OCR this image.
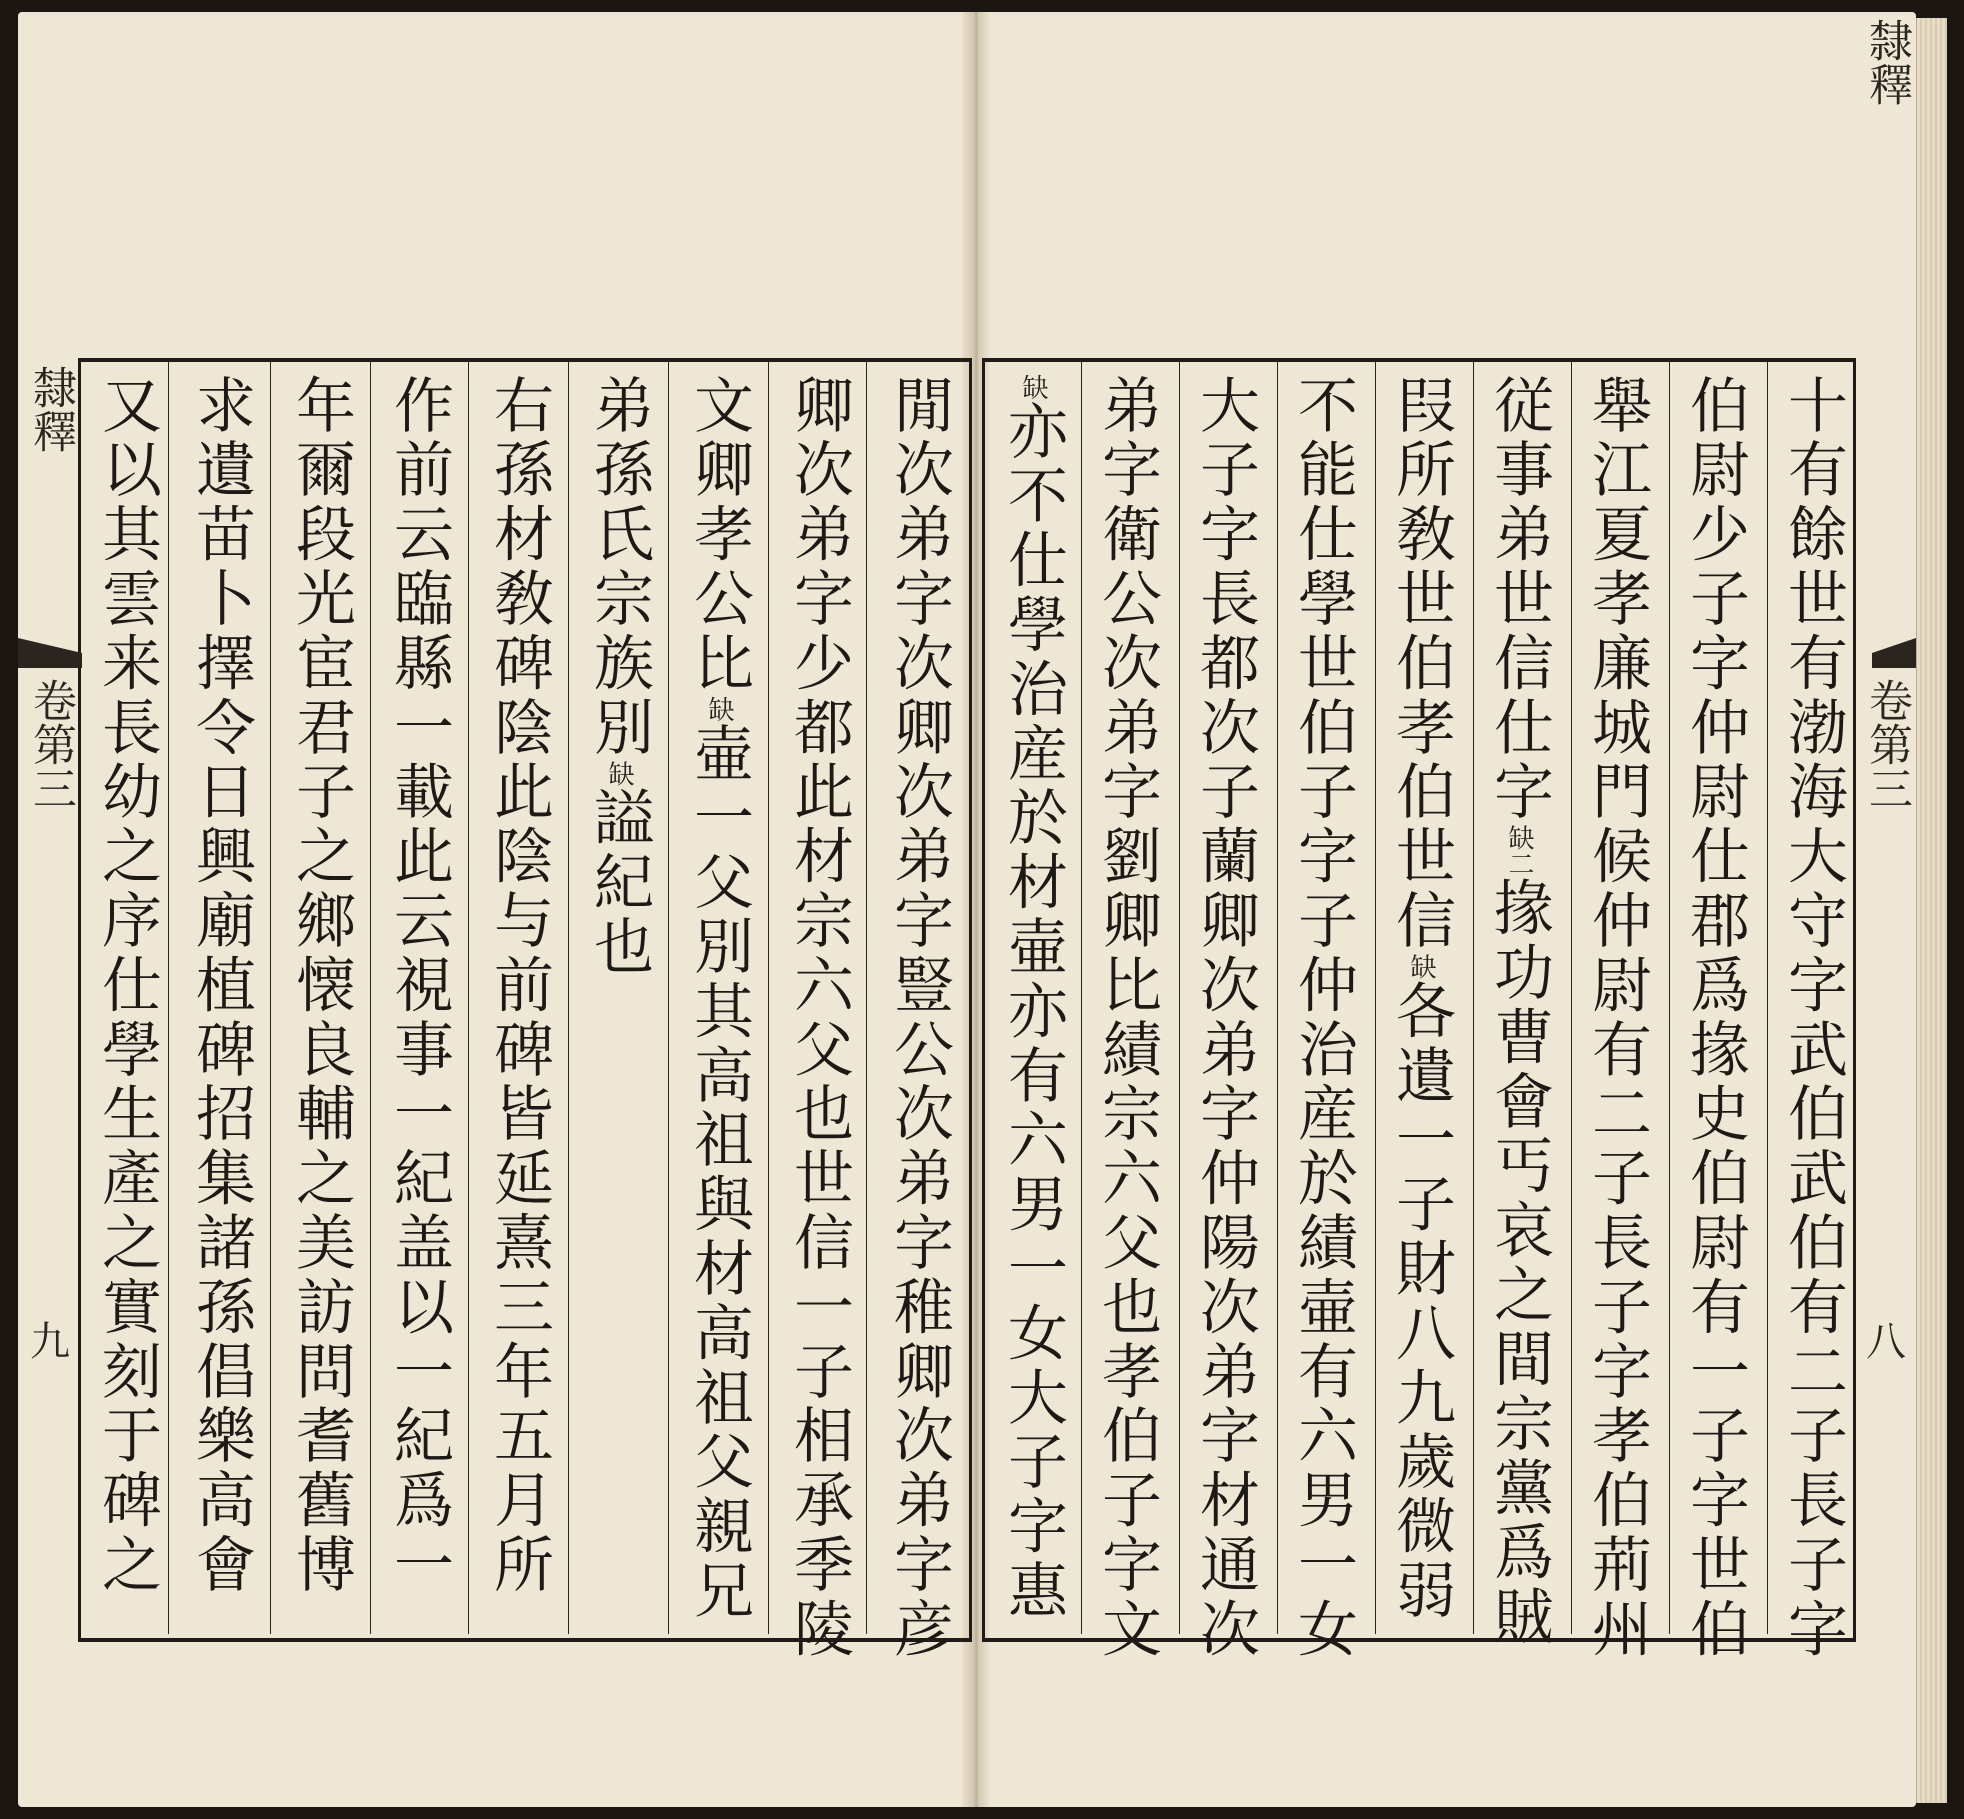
隸釋
卷第三
九
隸釋
卷第三
八
閒次弟字次卿次弟字豎公次弟字稚卿次弟字彦
卿次弟字少都此材宗六父也世信一子相承季陵
文卿孝公比缺壷一父別其高祖與材高祖父親兄
弟孫氏宗族別缺謚紀也
右孫材敎碑陰此陰与前碑皆延熹三年五月所
作前云臨縣一載此云視事一紀盖以一紀爲一
年爾段光宦君子之鄉懐良輔之美訪問耆舊博
求遺苗卜擇令日興廟植碑招集諸孫倡樂高會
又以其雲来長幼之序仕學生產之實刻于碑之	十有餘世有渤海大守字武伯武伯有二子長子字
伯尉少子字仲尉仕郡爲掾史伯尉有一子字世伯
舉江夏孝廉城門候仲尉有二子長子字孝伯荊州
従事弟世信仕字缺二掾功曹會丐哀之間宗黨爲賊
叚所敎世伯孝伯世信缺各遺一子財八九歲微弱
不能仕學世伯子字子仲治産於績壷有六男一女
大子字長都次子蘭卿次弟字仲陽次弟字材通次
弟字衛公次弟字劉卿比績宗六父也孝伯子字文
缺亦不仕學治産於材壷亦有六男一女大子字惠
